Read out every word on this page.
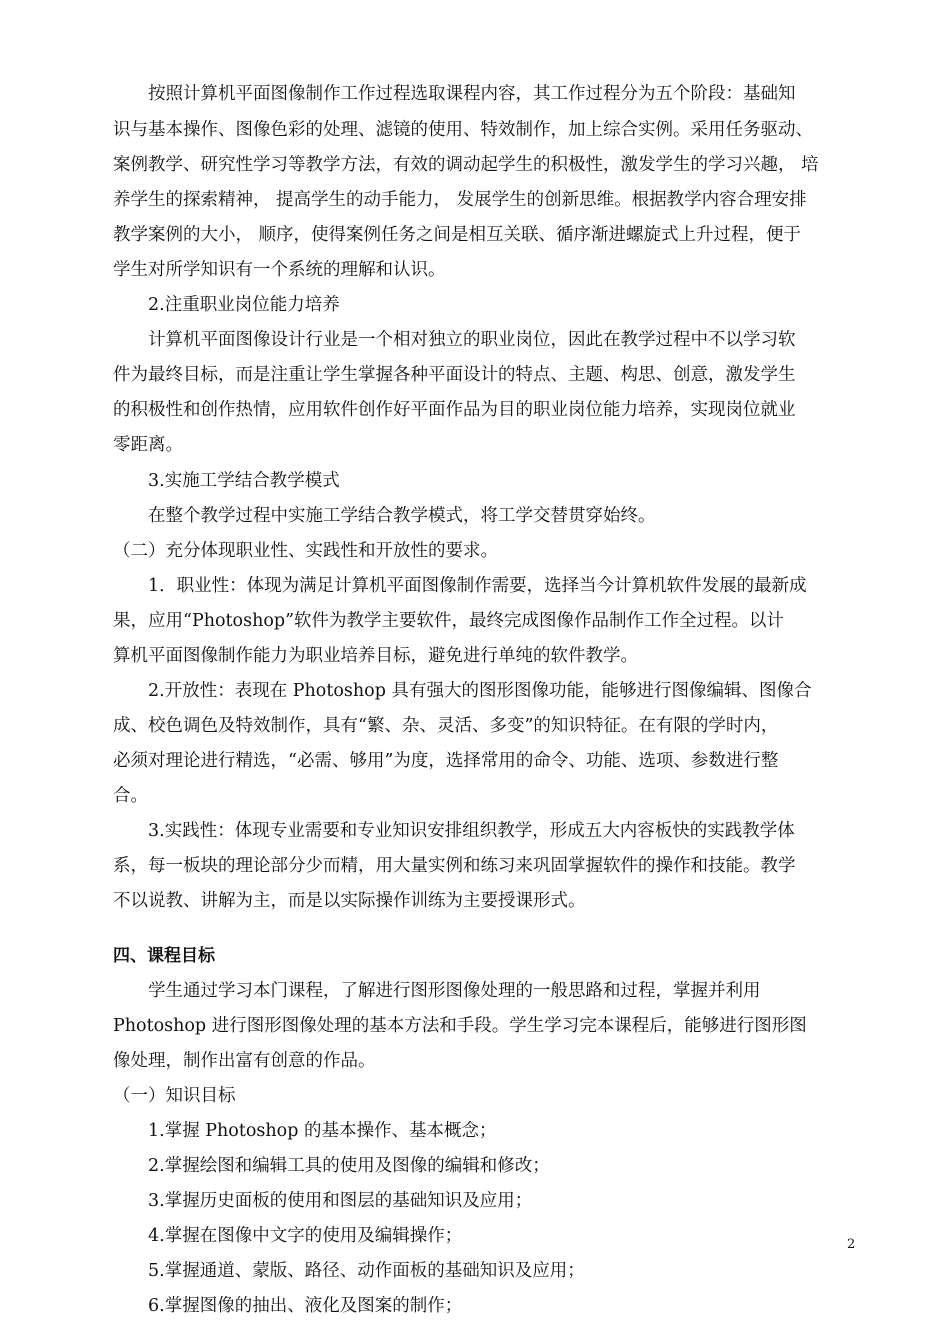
按照计算机平面图像制作工作过程选取课程内容，其工作过程分为五个阶段：基础知
识与基本操作、图像色彩的处理、滤镜的使用、特效制作，加上综合实例。采用任务驱动、
案例教学、研究性学习等教学方法，有效的调动起学生的积极性，激发学生的学习兴趣， 培
养学生的探索精神， 提高学生的动手能力， 发展学生的创新思维。根据教学内容合理安排
教学案例的大小， 顺序，使得案例任务之间是相互关联、循序渐进螺旋式上升过程，便于
学生对所学知识有一个系统的理解和认识。
2.注重职业岗位能力培养
计算机平面图像设计行业是一个相对独立的职业岗位，因此在教学过程中不以学习软
件为最终目标，而是注重让学生掌握各种平面设计的特点、主题、构思、创意，激发学生
的积极性和创作热情，应用软件创作好平面作品为目的职业岗位能力培养，实现岗位就业
零距离。
3.实施工学结合教学模式
在整个教学过程中实施工学结合教学模式，将工学交替贯穿始终。
（二）充分体现职业性、实践性和开放性的要求。
1．职业性：体现为满足计算机平面图像制作需要，选择当今计算机软件发展的最新成
果，应用“Photoshop”软件为教学主要软件，最终完成图像作品制作工作全过程。以计
算机平面图像制作能力为职业培养目标，避免进行单纯的软件教学。
2.开放性：表现在 Photoshop 具有强大的图形图像功能，能够进行图像编辑、图像合
成、校色调色及特效制作，具有“繁、杂、灵活、多变”的知识特征。在有限的学时内，
必须对理论进行精选，“必需、够用”为度，选择常用的命令、功能、选项、参数进行整
合。
3.实践性：体现专业需要和专业知识安排组织教学，形成五大内容板快的实践教学体
系，每一板块的理论部分少而精，用大量实例和练习来巩固掌握软件的操作和技能。教学
不以说教、讲解为主，而是以实际操作训练为主要授课形式。
四、课程目标
学生通过学习本门课程，了解进行图形图像处理的一般思路和过程，掌握并利用
Photoshop 进行图形图像处理的基本方法和手段。学生学习完本课程后，能够进行图形图
像处理，制作出富有创意的作品。
（一）知识目标
1.掌握 Photoshop 的基本操作、基本概念；
2.掌握绘图和编辑工具的使用及图像的编辑和修改；
3.掌握历史面板的使用和图层的基础知识及应用；
4.掌握在图像中文字的使用及编辑操作；
5.掌握通道、蒙版、路径、动作面板的基础知识及应用；
6.掌握图像的抽出、液化及图案的制作；
2
